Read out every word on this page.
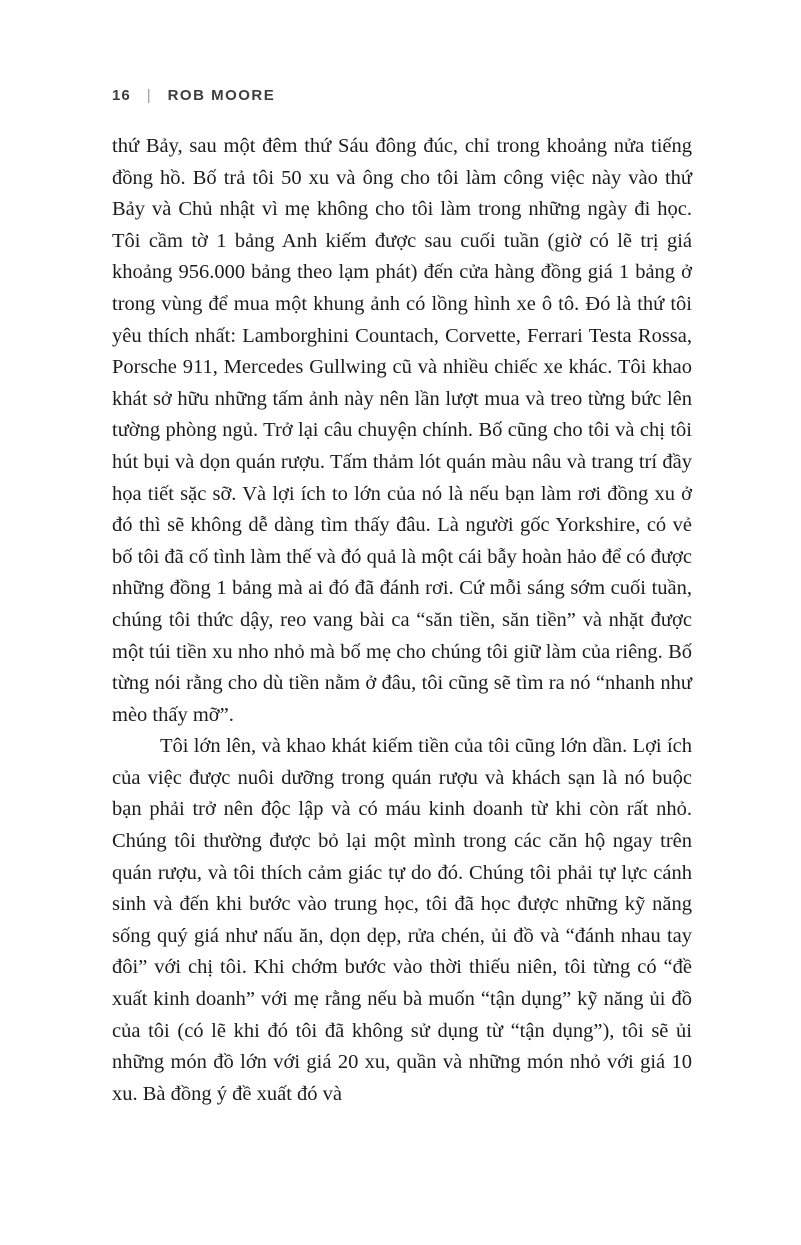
16 | ROB MOORE

thứ Bảy, sau một đêm thứ Sáu đông đúc, chỉ trong khoảng nửa tiếng đồng hồ. Bố trả tôi 50 xu và ông cho tôi làm công việc này vào thứ Bảy và Chủ nhật vì mẹ không cho tôi làm trong những ngày đi học. Tôi cầm tờ 1 bảng Anh kiếm được sau cuối tuần (giờ có lẽ trị giá khoảng 956.000 bảng theo lạm phát) đến cửa hàng đồng giá 1 bảng ở trong vùng để mua một khung ảnh có lồng hình xe ô tô. Đó là thứ tôi yêu thích nhất: Lamborghini Countach, Corvette, Ferrari Testa Rossa, Porsche 911, Mercedes Gullwing cũ và nhiều chiếc xe khác. Tôi khao khát sở hữu những tấm ảnh này nên lần lượt mua và treo từng bức lên tường phòng ngủ. Trở lại câu chuyện chính. Bố cũng cho tôi và chị tôi hút bụi và dọn quán rượu. Tấm thảm lót quán màu nâu và trang trí đầy họa tiết sặc sỡ. Và lợi ích to lớn của nó là nếu bạn làm rơi đồng xu ở đó thì sẽ không dễ dàng tìm thấy đâu. Là người gốc Yorkshire, có vẻ bố tôi đã cố tình làm thế và đó quả là một cái bẫy hoàn hảo để có được những đồng 1 bảng mà ai đó đã đánh rơi. Cứ mỗi sáng sớm cuối tuần, chúng tôi thức dậy, reo vang bài ca “săn tiền, săn tiền” và nhặt được một túi tiền xu nho nhỏ mà bố mẹ cho chúng tôi giữ làm của riêng. Bố từng nói rằng cho dù tiền nằm ở đâu, tôi cũng sẽ tìm ra nó “nhanh như mèo thấy mỡ”.

Tôi lớn lên, và khao khát kiếm tiền của tôi cũng lớn dần. Lợi ích của việc được nuôi dưỡng trong quán rượu và khách sạn là nó buộc bạn phải trở nên độc lập và có máu kinh doanh từ khi còn rất nhỏ. Chúng tôi thường được bỏ lại một mình trong các căn hộ ngay trên quán rượu, và tôi thích cảm giác tự do đó. Chúng tôi phải tự lực cánh sinh và đến khi bước vào trung học, tôi đã học được những kỹ năng sống quý giá như nấu ăn, dọn dẹp, rửa chén, ủi đồ và “đánh nhau tay đôi” với chị tôi. Khi chớm bước vào thời thiếu niên, tôi từng có “đề xuất kinh doanh” với mẹ rằng nếu bà muốn “tận dụng” kỹ năng ủi đồ của tôi (có lẽ khi đó tôi đã không sử dụng từ “tận dụng”), tôi sẽ ủi những món đồ lớn với giá 20 xu, quần và những món nhỏ với giá 10 xu. Bà đồng ý đề xuất đó và
